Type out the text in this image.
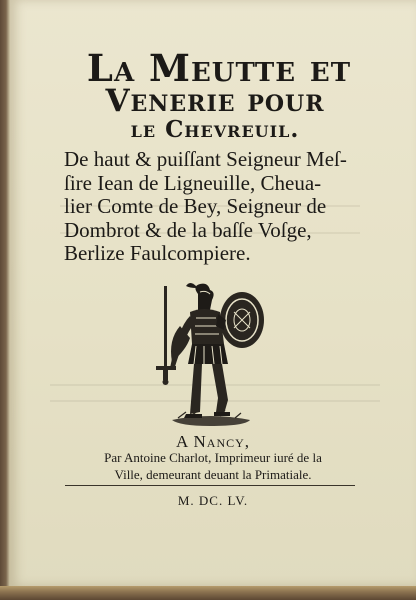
La Meutte et
Venerie pour
le Chevreuil.

De haut & puiſſant Seigneur Meſ-
ſire Iean de Ligneuille, Cheua-
lier Comte de Bey, Seigneur de
Dombrot & de la baſſe Voſge,
Berlize Faulcompiere.

A Nancy,
Par Antoine Charlot, Imprimeur iuré de la
Ville, demeurant deuant la Primatiale.
M. DC. LV.
